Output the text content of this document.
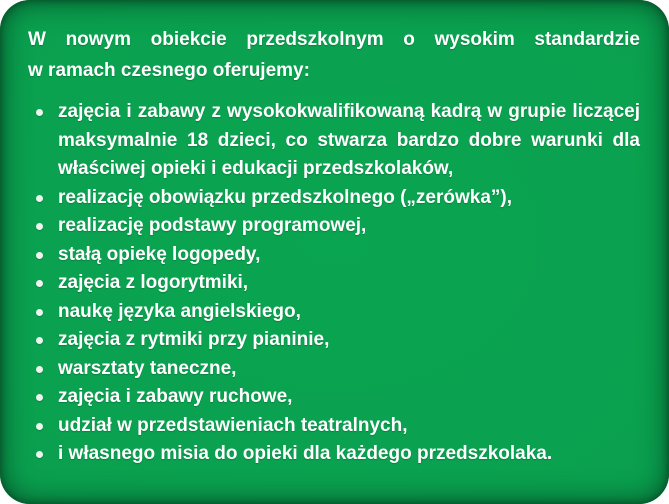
W nowym obiekcie przedszkolnym o wysokim standardzie w ramach czesnego oferujemy:

zajęcia i zabawy z wysokokwalifikowaną kadrą w grupie liczącej maksymalnie 18 dzieci, co stwarza bardzo dobre warunki dla właściwej opieki i edukacji przedszkolaków,
realizację obowiązku przedszkolnego („zerówka”),
realizację podstawy programowej,
stałą opiekę logopedy,
zajęcia z logorytmiki,
naukę języka angielskiego,
zajęcia z rytmiki przy pianinie,
warsztaty taneczne,
zajęcia i zabawy ruchowe,
udział w przedstawieniach teatralnych,
i własnego misia do opieki dla każdego przedszkolaka.
